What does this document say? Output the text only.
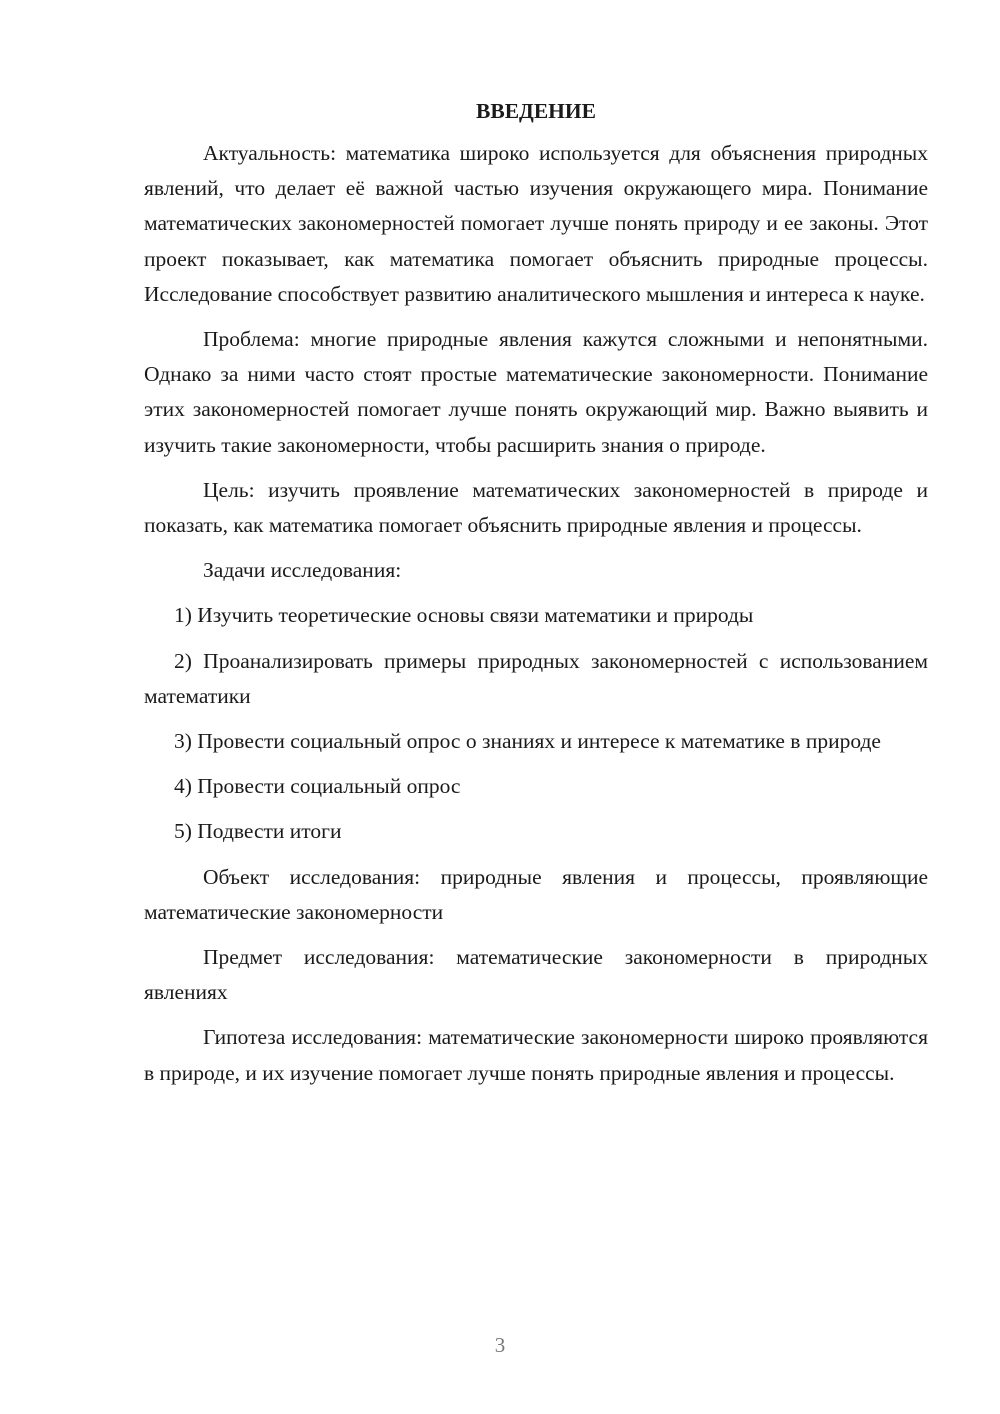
ВВЕДЕНИЕ

Актуальность: математика широко используется для объяснения природных явлений, что делает её важной частью изучения окружающего мира. Понимание математических закономерностей помогает лучше понять природу и ее законы. Этот проект показывает, как математика помогает объяснить природные процессы. Исследование способствует развитию аналитического мышления и интереса к науке.

Проблема: многие природные явления кажутся сложными и непонятными. Однако за ними часто стоят простые математические закономерности. Понимание этих закономерностей помогает лучше понять окружающий мир. Важно выявить и изучить такие закономерности, чтобы расширить знания о природе.

Цель: изучить проявление математических закономерностей в природе и показать, как математика помогает объяснить природные явления и процессы.

Задачи исследования:

1) Изучить теоретические основы связи математики и природы

2) Проанализировать примеры природных закономерностей с использованием математики

3) Провести социальный опрос о знаниях и интересе к математике в природе

4) Провести социальный опрос

5) Подвести итоги

Объект исследования: природные явления и процессы, проявляющие математические закономерности

Предмет исследования: математические закономерности в природных явлениях

Гипотеза исследования: математические закономерности широко проявляются в природе, и их изучение помогает лучше понять природные явления и процессы.

3
